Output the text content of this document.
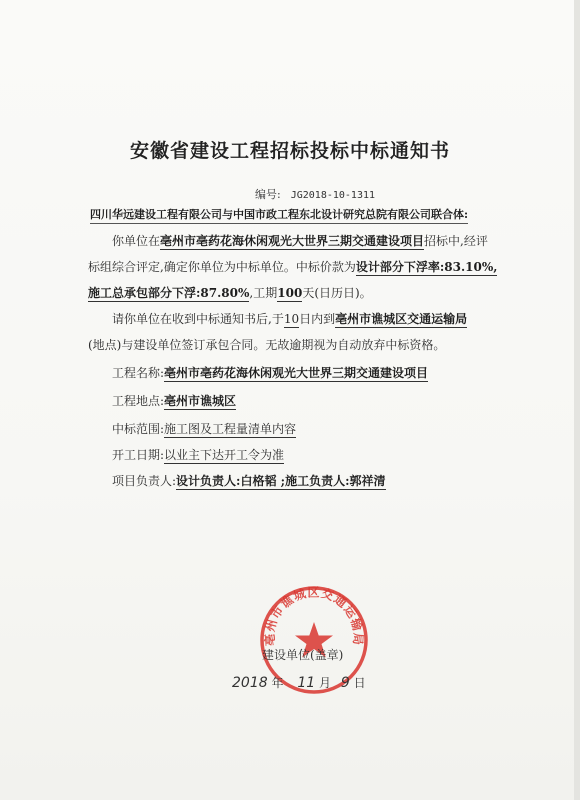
安徽省建设工程招标投标中标通知书
编号: JG2018-10-1311
四川华远建设工程有限公司与中国市政工程东北设计研究总院有限公司联合体:
你单位在亳州市亳药花海休闲观光大世界三期交通建设项目招标中,经评
标组综合评定,确定你单位为中标单位。中标价款为设计部分下浮率:83.10%,
施工总承包部分下浮:87.80%,工期100天(日历日)。
请你单位在收到中标通知书后,于10日内到亳州市谯城区交通运输局
(地点)与建设单位签订承包合同。无故逾期视为自动放弃中标资格。
工程名称:亳州市亳药花海休闲观光大世界三期交通建设项目
工程地点:亳州市谯城区
中标范围:施工图及工程量清单内容
开工日期:以业主下达开工令为准
项目负责人:设计负责人:白格韬 ;施工负责人:郭祥清
亳州市谯城区交通运输局
建设单位(盖章)
2018 年 11 月 9 日
